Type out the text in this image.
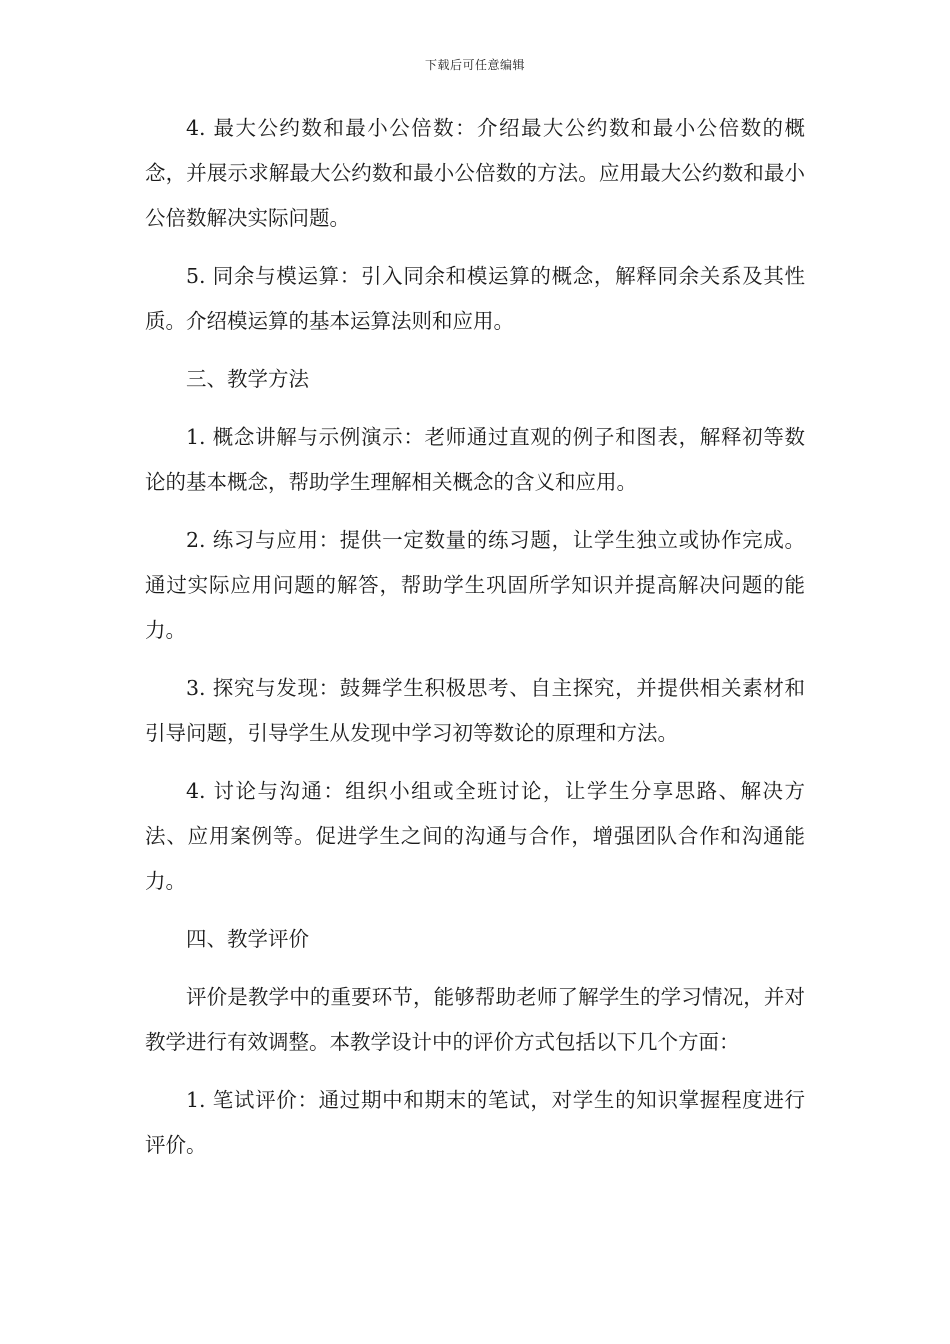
下载后可任意编辑

4. 最大公约数和最小公倍数：介绍最大公约数和最小公倍数的概念，并展示求解最大公约数和最小公倍数的方法。应用最大公约数和最小公倍数解决实际问题。

5. 同余与模运算：引入同余和模运算的概念，解释同余关系及其性质。介绍模运算的基本运算法则和应用。

三、教学方法

1. 概念讲解与示例演示：老师通过直观的例子和图表，解释初等数论的基本概念，帮助学生理解相关概念的含义和应用。

2. 练习与应用：提供一定数量的练习题，让学生独立或协作完成。通过实际应用问题的解答，帮助学生巩固所学知识并提高解决问题的能力。

3. 探究与发现：鼓舞学生积极思考、自主探究，并提供相关素材和引导问题，引导学生从发现中学习初等数论的原理和方法。

4. 讨论与沟通：组织小组或全班讨论，让学生分享思路、解决方法、应用案例等。促进学生之间的沟通与合作，增强团队合作和沟通能力。

四、教学评价

评价是教学中的重要环节，能够帮助老师了解学生的学习情况，并对教学进行有效调整。本教学设计中的评价方式包括以下几个方面：

1. 笔试评价：通过期中和期末的笔试，对学生的知识掌握程度进行评价。
